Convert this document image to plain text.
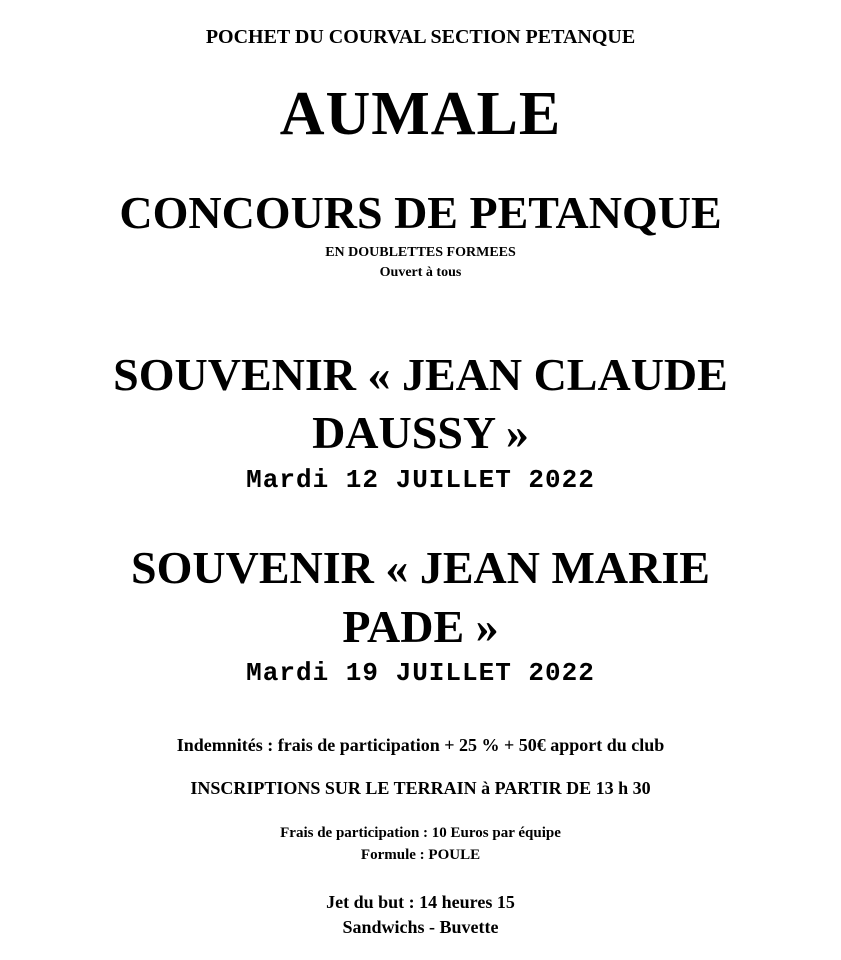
POCHET DU COURVAL SECTION PETANQUE
AUMALE
CONCOURS DE PETANQUE
EN DOUBLETTES FORMEES
Ouvert à tous
SOUVENIR « JEAN CLAUDE
DAUSSY »
Mardi 12 JUILLET 2022
SOUVENIR « JEAN MARIE
PADE »
Mardi 19 JUILLET 2022
Indemnités : frais de participation + 25 % + 50€ apport du club
INSCRIPTIONS SUR LE TERRAIN à PARTIR DE 13 h 30
Frais de participation : 10 Euros par équipe
Formule : POULE
Jet du but : 14 heures 15
Sandwichs - Buvette
